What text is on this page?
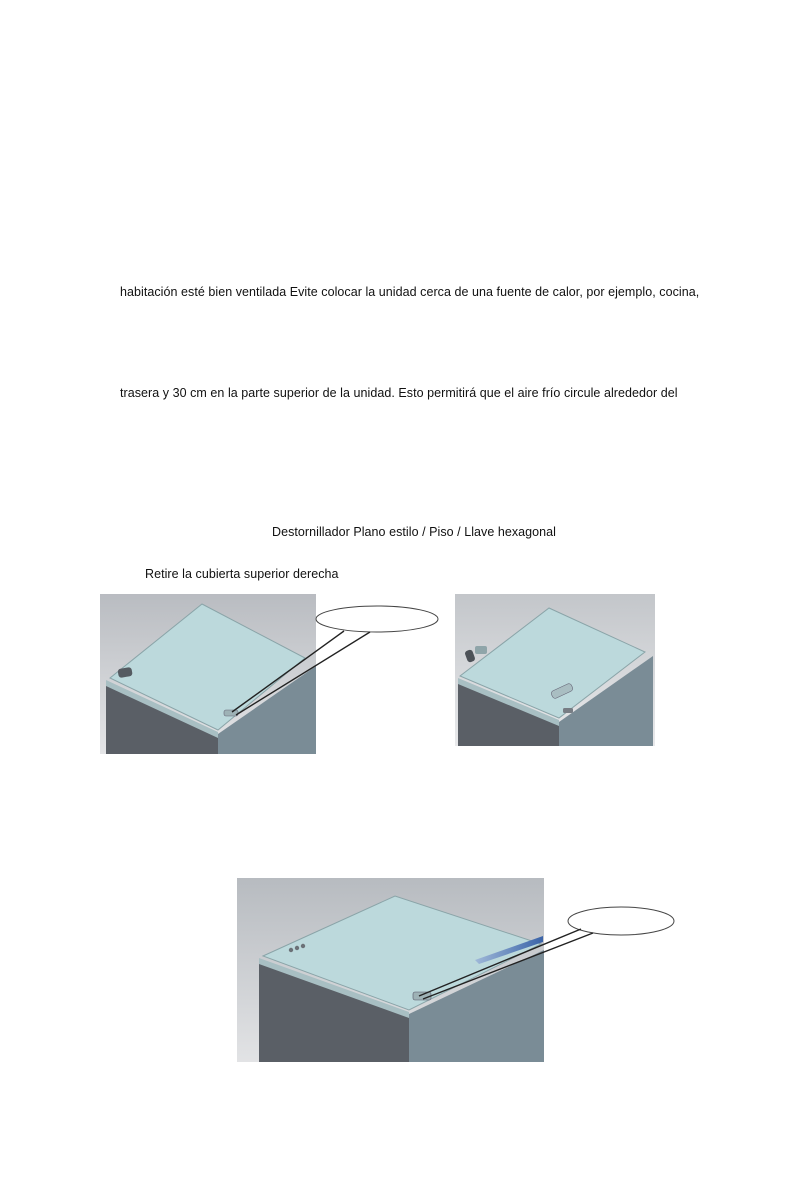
habitación esté bien ventilada Evite colocar la unidad cerca de una fuente de calor, por ejemplo, cocina,
trasera y 30 cm en la parte superior de la unidad. Esto permitirá que el aire frío circule alrededor del
Destornillador Plano estilo / Piso / Llave hexagonal
Retire la cubierta superior derecha
